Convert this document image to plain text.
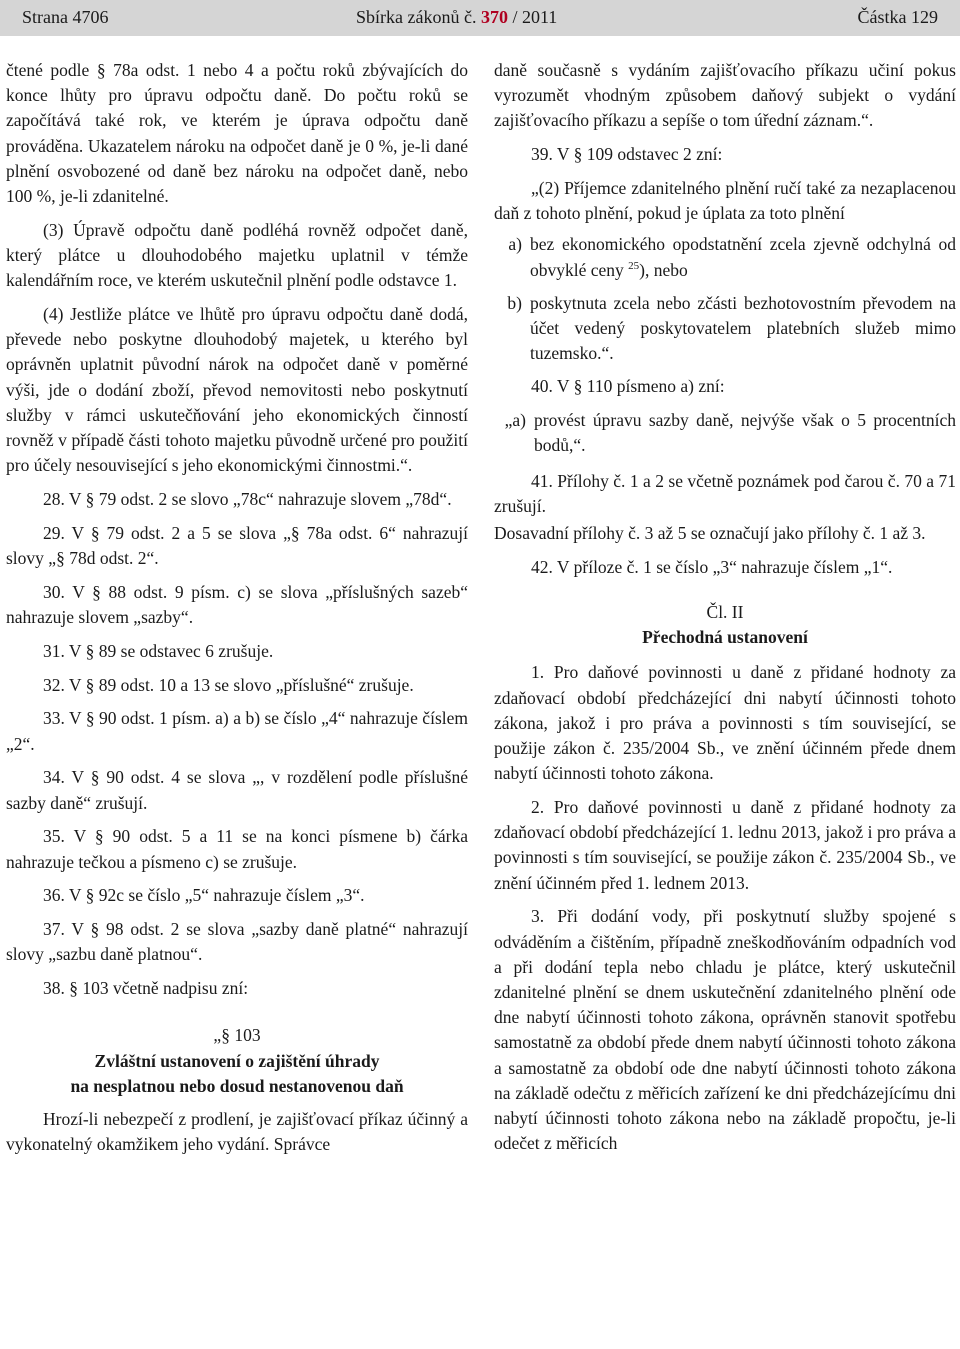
Strana 4706	Sbírka zákonů č. 370 / 2011	Částka 129

čtené podle § 78a odst. 1 nebo 4 a počtu roků zbývajících do konce lhůty pro úpravu odpočtu daně. Do počtu roků se započítává také rok, ve kterém je úprava odpočtu daně prováděna. Ukazatelem nároku na odpočet daně je 0 %, je-li dané plnění osvobozené od daně bez nároku na odpočet daně, nebo 100 %, je-li zdanitelné.

(3) Úpravě odpočtu daně podléhá rovněž odpočet daně, který plátce u dlouhodobého majetku uplatnil v témže kalendářním roce, ve kterém uskutečnil plnění podle odstavce 1.

(4) Jestliže plátce ve lhůtě pro úpravu odpočtu daně dodá, převede nebo poskytne dlouhodobý majetek, u kterého byl oprávněn uplatnit původní nárok na odpočet daně v poměrné výši, jde o dodání zboží, převod nemovitosti nebo poskytnutí služby v rámci uskutečňování jeho ekonomických činností rovněž v případě části tohoto majetku původně určené pro použití pro účely nesouvisející s jeho ekonomickými činnostmi.“.

28. V § 79 odst. 2 se slovo „78c“ nahrazuje slovem „78d“.

29. V § 79 odst. 2 a 5 se slova „§ 78a odst. 6“ nahrazují slovy „§ 78d odst. 2“.

30. V § 88 odst. 9 písm. c) se slova „příslušných sazeb“ nahrazuje slovem „sazby“.

31. V § 89 se odstavec 6 zrušuje.

32. V § 89 odst. 10 a 13 se slovo „příslušné“ zrušuje.

33. V § 90 odst. 1 písm. a) a b) se číslo „4“ nahrazuje číslem „2“.

34. V § 90 odst. 4 se slova „, v rozdělení podle příslušné sazby daně“ zrušují.

35. V § 90 odst. 5 a 11 se na konci písmene b) čárka nahrazuje tečkou a písmeno c) se zrušuje.

36. V § 92c se číslo „5“ nahrazuje číslem „3“.

37. V § 98 odst. 2 se slova „sazby daně platné“ nahrazují slovy „sazbu daně platnou“.

38. § 103 včetně nadpisu zní:

„§ 103

Zvláštní ustanovení o zajištění úhrady

na nesplatnou nebo dosud nestanovenou daň

Hrozí-li nebezpečí z prodlení, je zajišťovací příkaz účinný a vykonatelný okamžikem jeho vydání. Správce

daně současně s vydáním zajišťovacího příkazu učiní pokus vyrozumět vhodným způsobem daňový subjekt o vydání zajišťovacího příkazu a sepíše o tom úřední záznam.“.

39. V § 109 odstavec 2 zní:

„(2) Příjemce zdanitelného plnění ručí také za nezaplacenou daň z tohoto plnění, pokud je úplata za toto plnění

a) bez ekonomického opodstatnění zcela zjevně odchylná od obvyklé ceny $^{25}$), nebo
b) poskytnuta zcela nebo zčásti bezhotovostním převodem na účet vedený poskytovatelem platebních služeb mimo tuzemsko.“.

40. V § 110 písmeno a) zní:

„a) provést úpravu sazby daně, nejvýše však o 5 procentních bodů,“.

41. Přílohy č. 1 a 2 se včetně poznámek pod čarou č. 70 a 71 zrušují.

Dosavadní přílohy č. 3 až 5 se označují jako přílohy č. 1 až 3.

42. V příloze č. 1 se číslo „3“ nahrazuje číslem „1“.

Čl. II

Přechodná ustanovení

1. Pro daňové povinnosti u daně z přidané hodnoty za zdaňovací období předcházející dni nabytí účinnosti tohoto zákona, jakož i pro práva a povinnosti s tím související, se použije zákon č. 235/2004 Sb., ve znění účinném přede dnem nabytí účinnosti tohoto zákona.

2. Pro daňové povinnosti u daně z přidané hodnoty za zdaňovací období předcházející 1. lednu 2013, jakož i pro práva a povinnosti s tím související, se použije zákon č. 235/2004 Sb., ve znění účinném před 1. lednem 2013.

3. Při dodání vody, při poskytnutí služby spojené s odváděním a čištěním, případně zneškodňováním odpadních vod a při dodání tepla nebo chladu je plátce, který uskutečnil zdanitelné plnění se dnem uskutečnění zdanitelného plnění ode dne nabytí účinnosti tohoto zákona, oprávněn stanovit spotřebu samostatně za období přede dnem nabytí účinnosti tohoto zákona a samostatně za období ode dne nabytí účinnosti tohoto zákona na základě odečtu z měřicích zařízení ke dni předcházejícímu dni nabytí účinnosti tohoto zákona nebo na základě propočtu, je-li odečet z měřicích
